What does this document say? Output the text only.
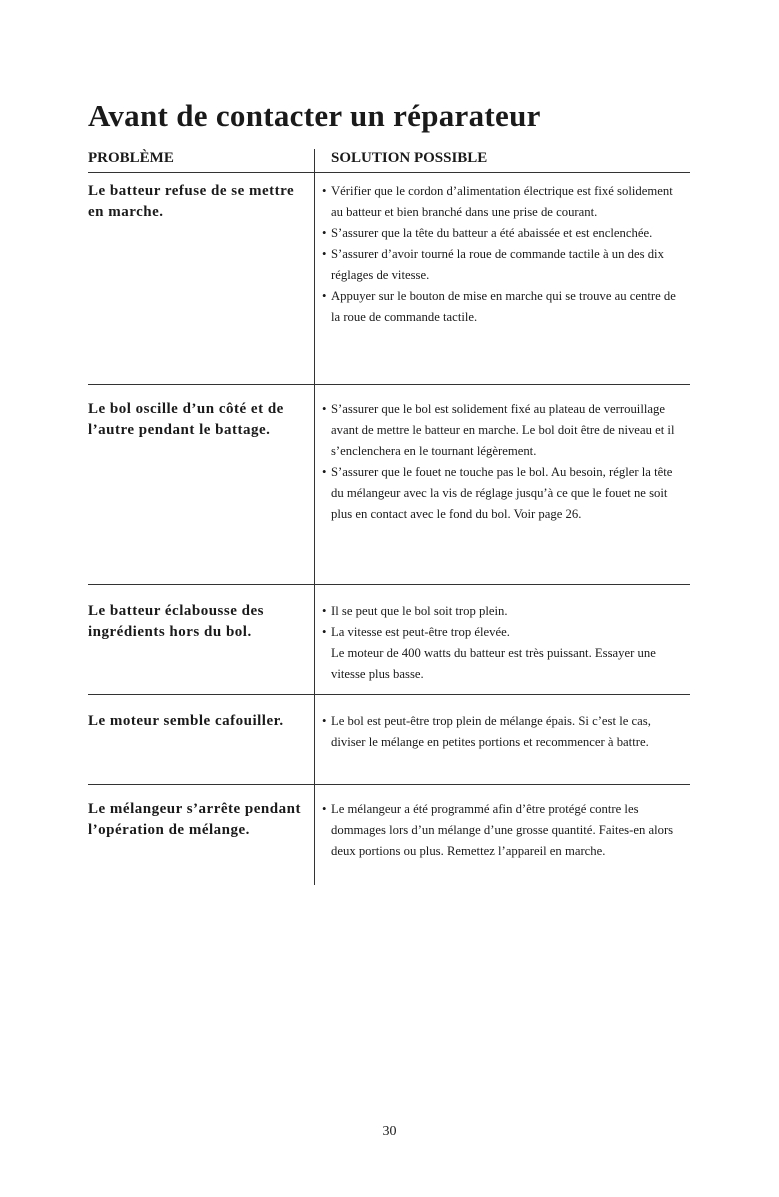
Avant de contacter un réparateur
PROBLÈME	SOLUTION POSSIBLE

Le batteur refuse de se mettre en marche.

• Vérifier que le cordon d’alimentation électrique est fixé solidement au batteur et bien branché dans une prise de courant.
• S’assurer que la tête du batteur a été abaissée et est enclenchée.
• S’assurer d’avoir tourné la roue de commande tactile à un des dix réglages de vitesse.
• Appuyer sur le bouton de mise en marche qui se trouve au centre de la roue de commande tactile.

Le bol oscille d’un côté et de l’autre pendant le battage.

• S’assurer que le bol est solidement fixé au plateau de verrouillage avant de mettre le batteur en marche. Le bol doit être de niveau et il s’enclenchera en le tournant légèrement.
• S’assurer que le fouet ne touche pas le bol. Au besoin, régler la tête du mélangeur avec la vis de réglage jusqu’à ce que le fouet ne soit plus en contact avec le fond du bol. Voir page 26.

Le batteur éclabousse des ingrédients hors du bol.

• Il se peut que le bol soit trop plein.
• La vitesse est peut-être trop élevée.
Le moteur de 400 watts du batteur est très puissant. Essayer une vitesse plus basse.

Le moteur semble cafouiller.	• Le bol est peut-être trop plein de mélange épais. Si c’est le cas, diviser le mélange en petites portions et recommencer à battre.

Le mélangeur s’arrête pendant l’opération de mélange.

• Le mélangeur a été programmé afin d’être protégé contre les dommages lors d’un mélange d’une grosse quantité. Faites-en alors deux portions ou plus. Remettez l’appareil en marche.
30
